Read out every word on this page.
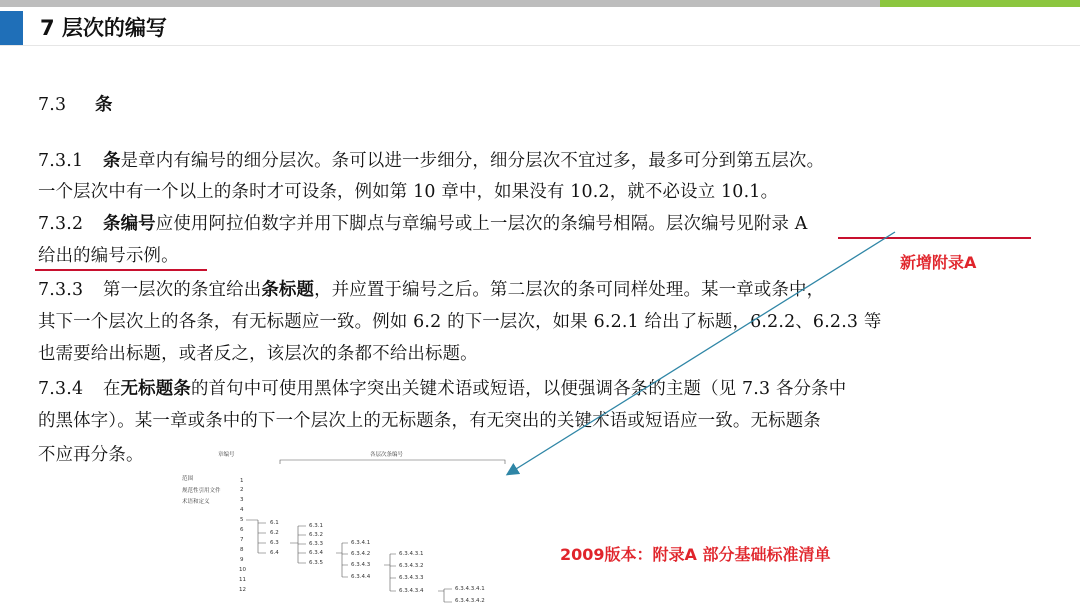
7 层次的编写
7.3 条
7.3.1 条是章内有编号的细分层次。条可以进一步细分，细分层次不宜过多，最多可分到第五层次。
一个层次中有一个以上的条时才可设条，例如第 10 章中，如果没有 10.2，就不必设立 10.1。
7.3.2 条编号应使用阿拉伯数字并用下脚点与章编号或上一层次的条编号相隔。层次编号见附录 A
给出的编号示例。
7.3.3 第一层次的条宜给出条标题，并应置于编号之后。第二层次的条可同样处理。某一章或条中，
其下一个层次上的各条，有无标题应一致。例如 6.2 的下一层次，如果 6.2.1 给出了标题，6.2.2、6.2.3 等
也需要给出标题，或者反之，该层次的条都不给出标题。
7.3.4 在无标题条的首句中可使用黑体字突出关键术语或短语，以便强调各条的主题（见 7.3 各分条中
的黑体字）。某一章或条中的下一个层次上的无标题条，有无突出的关键术语或短语应一致。无标题条
不应再分条。
新增附录A
2009版本：附录A 部分基础标准清单
章编号	各层次条编号
范围
规范性引用文件
术语和定义
1
2
3
4
5
6
7
8
9
10
11
12
6.1
6.2
6.3
6.4
6.3.1
6.3.2
6.3.3
6.3.4
6.3.5
6.3.4.1
6.3.4.2
6.3.4.3
6.3.4.4
6.3.4.3.1
6.3.4.3.2
6.3.4.3.3
6.3.4.3.4	6.3.4.3.4.1
6.3.4.3.4.2
